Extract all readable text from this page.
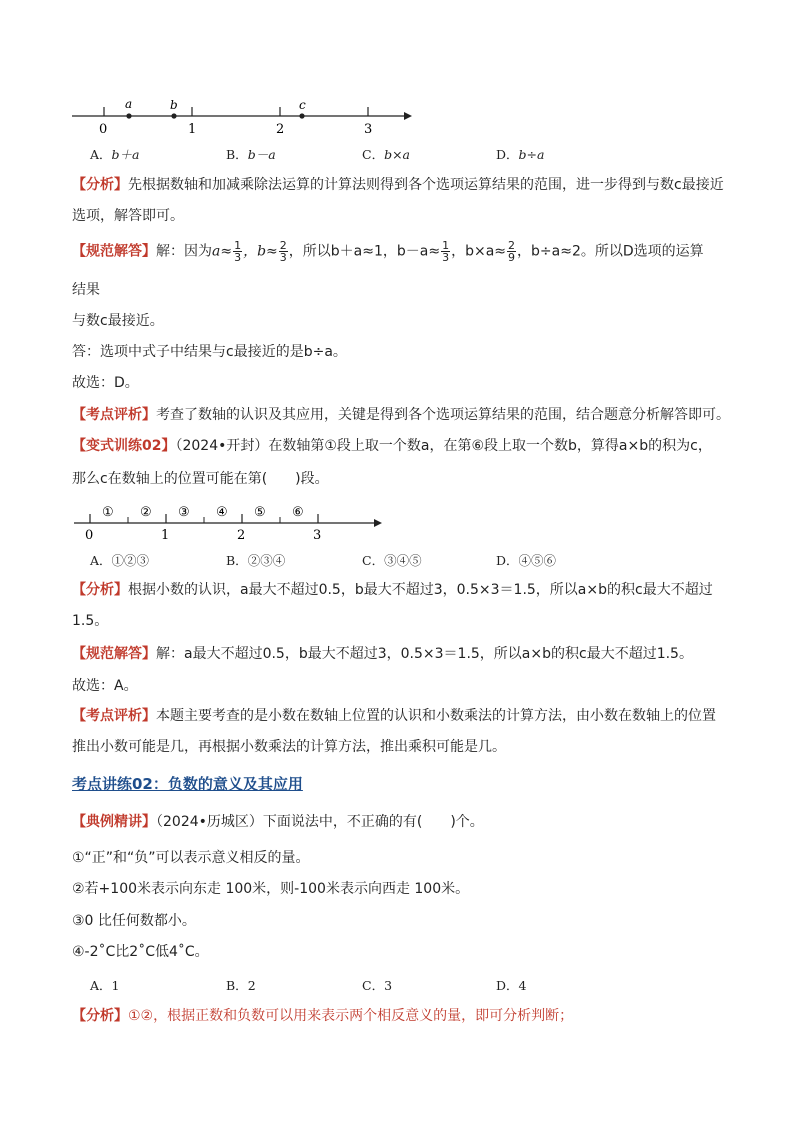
0	1	2	3
a	b	c
A．b＋a	B．b－a	C．b×a	D．b÷a
【分析】先根据数轴和加减乘除法运算的计算法则得到各个选项运算结果的范围，进一步得到与数c最接近
选项，解答即可。
【规范解答】解：因为$a\approx \frac{1}{3}$ ，$b\approx \frac{2}{3}$ ，所以b＋a≈1，$b-a\approx \frac{1}{3}$ ，$b\times a\approx \frac{2}{9}$ ，b÷a≈2。所以D选项的运算
结果
与数c最接近。
答：选项中式子中结果与c最接近的是b÷a。
故选：D。
【考点评析】考查了数轴的认识及其应用，关键是得到各个选项运算结果的范围，结合题意分析解答即可。
【变式训练02】（2024•开封）在数轴第①段上取一个数a，在第⑥段上取一个数b，算得a×b的积为c，
那么c在数轴上的位置可能在第(　　)段。
① ② ③ ④ ⑤ ⑥
0	1	2	3
A．①②③	B．②③④	C．③④⑤	D．④⑤⑥
【分析】根据小数的认识，a最大不超过0.5，b最大不超过3，0.5×3＝1.5，所以a×b的积c最大不超过
1.5。
【规范解答】解：a最大不超过0.5，b最大不超过3，0.5×3＝1.5，所以a×b的积c最大不超过1.5。
故选：A。
【考点评析】本题主要考查的是小数在数轴上位置的认识和小数乘法的计算方法，由小数在数轴上的位置
推出小数可能是几，再根据小数乘法的计算方法，推出乘积可能是几。
考点讲练02：负数的意义及其应用
【典例精讲】（2024•历城区）下面说法中，不正确的有(　　)个。
①“正”和“负”可以表示意义相反的量。
②若+100米表示向东走 100米，则-100米表示向西走 100米。
③0 比任何数都小。
④-2˚C比2˚C低4˚C。
A．1	B．2	C．3	D．4
【分析】①②，根据正数和负数可以用来表示两个相反意义的量，即可分析判断；
